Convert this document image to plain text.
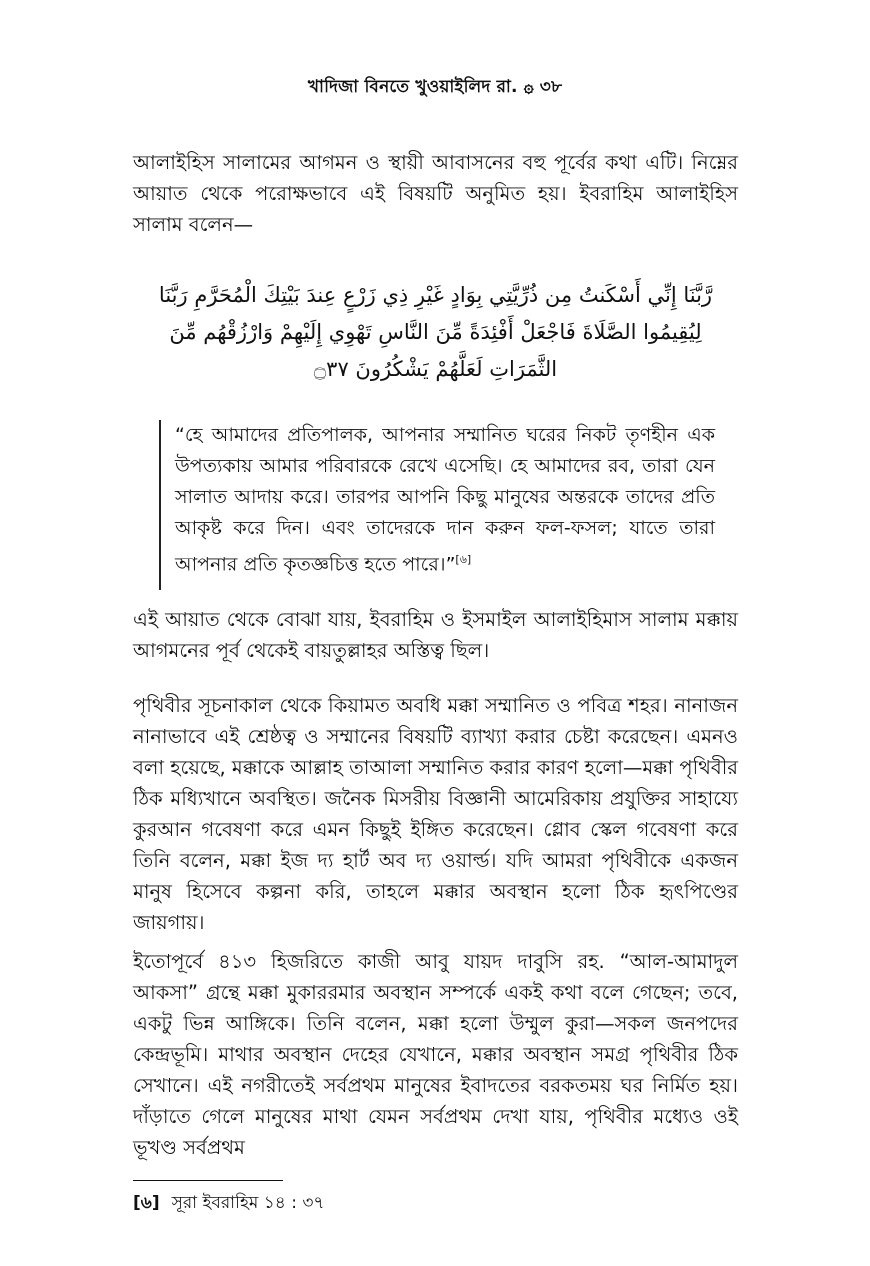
খাদিজা বিনতে খুওয়াইলিদ রা. ۞ ৩৮
আলাইহিস সালামের আগমন ও স্থায়ী আবাসনের বহু পূর্বের কথা এটি। নিম্নের আয়াত থেকে পরোক্ষভাবে এই বিষয়টি অনুমিত হয়। ইবরাহিম আলাইহিস সালাম বলেন—
رَّبَّنَا إِنِّي أَسْكَنتُ مِن ذُرِّيَّتِي بِوَادٍ غَيْرِ ذِي زَرْعٍ عِندَ بَيْتِكَ الْمُحَرَّمِ رَبَّنَا لِيُقِيمُوا الصَّلَاةَ فَاجْعَلْ أَفْئِدَةً مِّنَ النَّاسِ تَهْوِي إِلَيْهِمْ وَارْزُقْهُم مِّنَ الثَّمَرَاتِ لَعَلَّهُمْ يَشْكُرُونَ ۝٣٧
“হে আমাদের প্রতিপালক, আপনার সম্মানিত ঘরের নিকট তৃণহীন এক উপত্যকায় আমার পরিবারকে রেখে এসেছি। হে আমাদের রব, তারা যেন সালাত আদায় করে। তারপর আপনি কিছু মানুষের অন্তরকে তাদের প্রতি আকৃষ্ট করে দিন। এবং তাদেরকে দান করুন ফল-ফসল; যাতে তারা আপনার প্রতি কৃতজ্ঞচিত্ত হতে পারে।”[৬]
এই আয়াত থেকে বোঝা যায়, ইবরাহিম ও ইসমাইল আলাইহিমাস সালাম মক্কায় আগমনের পূর্ব থেকেই বায়তুল্লাহর অস্তিত্ব ছিল।
পৃথিবীর সূচনাকাল থেকে কিয়ামত অবধি মক্কা সম্মানিত ও পবিত্র শহর। নানাজন নানাভাবে এই শ্রেষ্ঠত্ব ও সম্মানের বিষয়টি ব্যাখ্যা করার চেষ্টা করেছেন। এমনও বলা হয়েছে, মক্কাকে আল্লাহ তাআলা সম্মানিত করার কারণ হলো—মক্কা পৃথিবীর ঠিক মধ্যিখানে অবস্থিত। জনৈক মিসরীয় বিজ্ঞানী আমেরিকায় প্রযুক্তির সাহায্যে কুরআন গবেষণা করে এমন কিছুই ইঙ্গিত করেছেন। গ্লোব স্কেল গবেষণা করে তিনি বলেন, মক্কা ইজ দ্য হার্ট অব দ্য ওয়ার্ল্ড। যদি আমরা পৃথিবীকে একজন মানুষ হিসেবে কল্পনা করি, তাহলে মক্কার অবস্থান হলো ঠিক হৃৎপিণ্ডের জায়গায়।
ইতোপূর্বে ৪১৩ হিজরিতে কাজী আবু যায়দ দাবুসি রহ. “আল-আমাদুল আকসা” গ্রন্থে মক্কা মুকাররমার অবস্থান সম্পর্কে একই কথা বলে গেছেন; তবে, একটু ভিন্ন আঙ্গিকে। তিনি বলেন, মক্কা হলো উম্মুল কুরা—সকল জনপদের কেন্দ্রভূমি। মাথার অবস্থান দেহের যেখানে, মক্কার অবস্থান সমগ্র পৃথিবীর ঠিক সেখানে। এই নগরীতেই সর্বপ্রথম মানুষের ইবাদতের বরকতময় ঘর নির্মিত হয়। দাঁড়াতে গেলে মানুষের মাথা যেমন সর্বপ্রথম দেখা যায়, পৃথিবীর মধ্যেও ওই ভূখণ্ড সর্বপ্রথম
[৬] সূরা ইবরাহিম ১৪ : ৩৭
